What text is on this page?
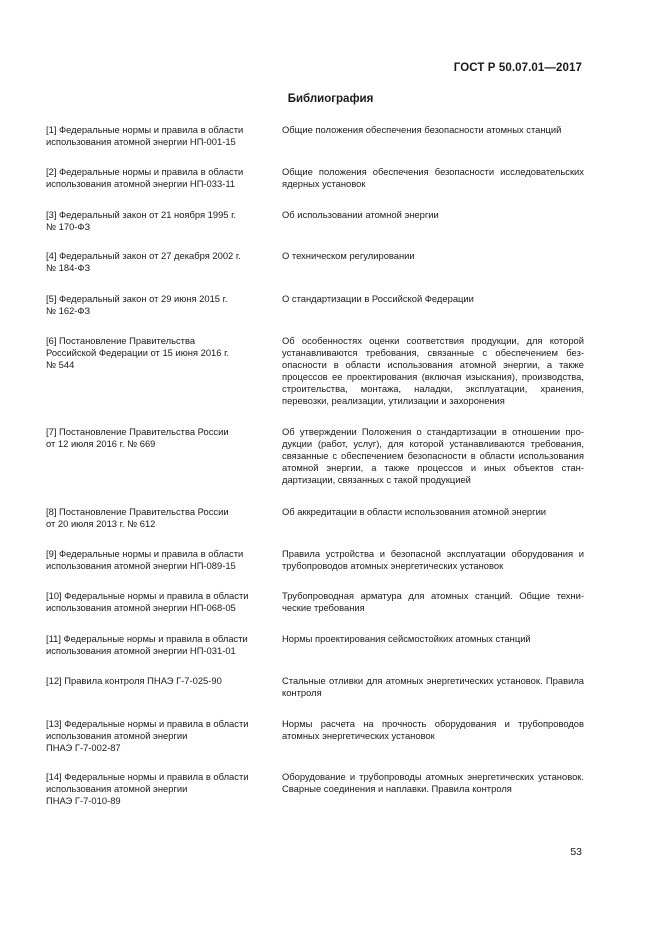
ГОСТ Р 50.07.01—2017
Библиография
[1] Федеральные нормы и правила в области
использования атомной энергии НП-001-15
Общие положения обеспечения безопасности атомных станций
[2] Федеральные нормы и правила в области
использования атомной энергии НП-033-11
Общие положения обеспечения безопасности исследовательских ядерных установок
[3] Федеральный закон от 21 ноября 1995 г.
№ 170-ФЗ
Об использовании атомной энергии
[4] Федеральный закон от 27 декабря 2002 г.
№ 184-ФЗ
О техническом регулировании
[5] Федеральный закон от 29 июня 2015 г.
№ 162-ФЗ
О стандартизации в Российской Федерации
[6] Постановление Правительства
Российской Федерации от 15 июня 2016 г.
№ 544
Об особенностях оценки соответствия продукции, для которой устанавливаются требования, связанные с обеспечением безопасности в области использования атомной энергии, а также процессов ее проектирования (включая изыскания), производства, строительства, монтажа, наладки, эксплуатации, хранения, перевозки, реализации, утилизации и захоронения
[7] Постановление Правительства России
от 12 июля 2016 г. № 669
Об утверждении Положения о стандартизации в отношении продукции (работ, услуг), для которой устанавливаются требования, связанные с обеспечением безопасности в области использования атомной энергии, а также процессов и иных объектов стандартизации, связанных с такой продукцией
[8] Постановление Правительства России
от 20 июля 2013 г. № 612
Об аккредитации в области использования атомной энергии
[9] Федеральные нормы и правила в области
использования атомной энергии НП-089-15
Правила устройства и безопасной эксплуатации оборудования и трубопроводов атомных энергетических установок
[10] Федеральные нормы и правила в области
использования атомной энергии НП-068-05
Трубопроводная арматура для атомных станций. Общие технические требования
[11] Федеральные нормы и правила в области
использования атомной энергии НП-031-01
Нормы проектирования сейсмостойких атомных станций
[12] Правила контроля ПНАЭ Г-7-025-90	Стальные отливки для атомных энергетических установок. Правила контроля
[13] Федеральные нормы и правила в области
использования атомной энергии
ПНАЭ Г-7-002-87
Нормы расчета на прочность оборудования и трубопроводов атомных энергетических установок
[14] Федеральные нормы и правила в области
использования атомной энергии
ПНАЭ Г-7-010-89
Оборудование и трубопроводы атомных энергетических установок. Сварные соединения и наплавки. Правила контроля
53
